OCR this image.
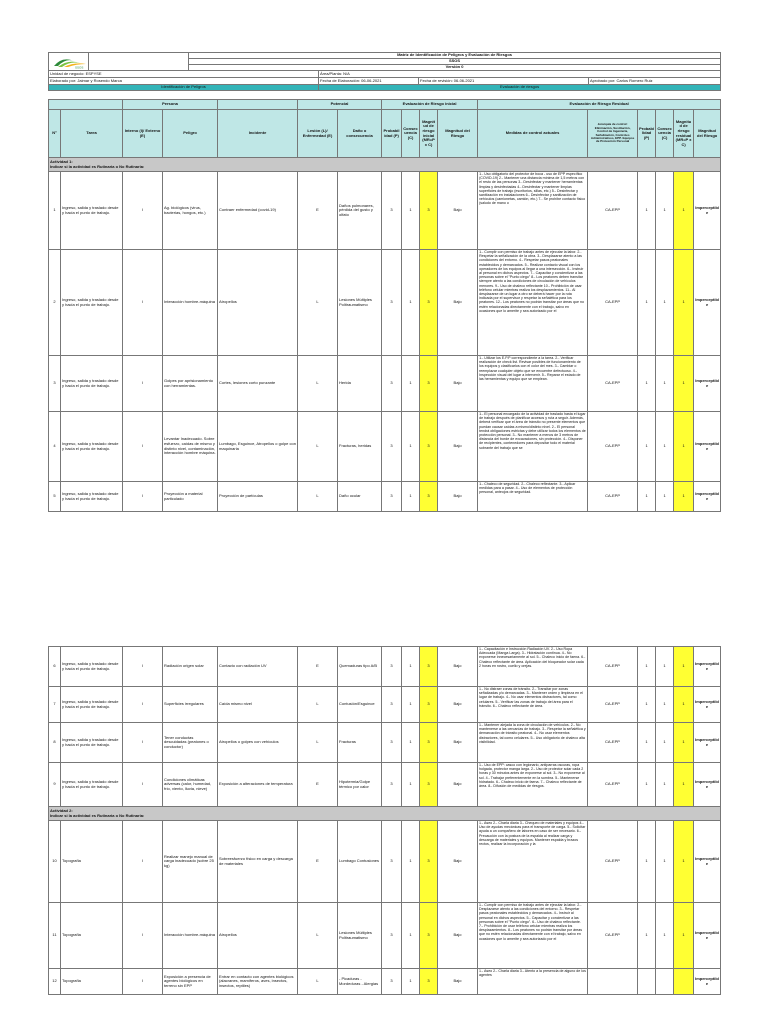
SSOS
		Matriz de Identificación de Peligros y Evaluación de Riesgos			
		SSOS			
		Versión 0			
Unidad de negocio: ESPYSE			Área/Planta: N/A		
Elaborado por: Jaimar y Rosendo Marca			Fecha de Elaboración: 06-06-2021	Fecha de revisión: 06-06-2021	Aprobado por: Carlos Romero Ruiz
Identificación de Peligros			Evaluación de riesgos		
		Persona			Potencial		Evaluación de Riesgo inicial				Evaluación de Riesgo Residual					
N°	Tarea	Interno (I)/ Externo (E)	Peligro	Incidente	Lesión (L)/ Enfermedad (E)	Daño o consecuencia	Probabilidad (P)	Consecuencia (C)	Magnitud de riesgo inicial (MR=P x C)	Magnitud del Riesgo	Medidas de control actuales	Jerarquía de control: Eliminación, Sustitución, Control de Ingeniería, Señalización, Controles Administrativos, EPP. Equipos de Protección Personal	Probabilidad (P)	Consecuencia (C)	Magnitud de riesgo residual (MR=P x C)	Magnitud del Riesgo

Actividad 1:
Indicar si la actividad es Rutinaria o No Rutinaria:																

1	Ingreso, salida y traslado desde y hacia el punto de trabajo.	I	Ag. biológicos (virus, bacterias, hongos, etc.)	Contraer enfermedad (covid-19)	E	Daños pulmonares, pérdida del gusto y olfato	3	1	3	Bajo	1.- Uso obligatorio del protector de boca - uso de EPP específico (COVID-19) 2.- Mantener una distancia mínima de 1,5 metros con el resto de las personas 3.- Desinfectar y mantener herramientas limpias y desinfectadas 4.- Desinfectar y mantener limpias superficies de trabajo (escritorios, sillas, etc.) 5.- Desinfectar y sanitización en instalaciones 6.- Desinfectar y sanitización de vehículos (camionetas, camión, etc.) 7.- Se prohíbe contacto físico (saludo de mano o	CA-EPP	1	1	1	Imperceptible
2	Ingreso, salida y traslado desde y hacia el punto de trabajo.	I	Interacción hombre-máquina	Atropellos	L	Lesiones Múltiples Politraumatismo	3	1	3	Bajo	1.- Cumplir con permiso de trabajo antes de ejecutar la labor. 2.- Respetar la señalización de la obra. 3.- Desplazarse atento a las condiciones del entorno. 4.- Respetar pasos peatonales establecidos y demarcados. 5.- Realizar contacto visual con los operadores de los equipos al llegar a una intersección. 6.- Instruir al personal en dichos aspectos. 7.- Capacitar y concientizar a las personas sobre el "Punto ciego" 8.- Los peatones deben transitar siempre atento a las condiciones de circulación de vehículos menores. 9.- Uso de chaleco reflectante 10.- Prohibición de usar teléfono celular mientras realiza los desplazamientos. 11.- Al desplazarse de un lugar a otro se deberá hacer por la ruta indicada por el supervisor y respetar la señalética para los peatones. 12.- Los peatones no podrán transitar por áreas que no estén relacionadas directamente con el trabajo, salvo en ocasiones que lo amerite y sea autorizado por el	CA-EPP	1	1	1	Imperceptible
3	Ingreso, salida y traslado desde y hacia el punto de trabajo.	I	Golpes por aprisionamiento con herramientas.	Cortes, lesiones corto punzante	L	Herida	3	1	3	Bajo	1.- Utilizar los E.P.P correspondiente a la tarea. 2.- Verificar realización de check list. Revisar posibles de funcionamiento de los equipos y clasificarlos con el color del mes. 3.- Cambiar o reemplazar cualquier objeto que se encuentre defectuoso. 4.- Inspección visual del lugar a intervenir. 5.- Reparar el estado de las herramientas y equipo que se emplean.	CA-EPP	1	1	1	Imperceptible
4	Ingreso, salida y traslado desde y hacia el punto de trabajo.	I	Levantar Inadecuado. Sobre esfuerzo, caídas de mismo y distinto nivel, contaminación, interacción hombre máquina.	Lumbago, Esguince, Atropellos o golpe con maquinaria	L	Fracturas, heridas	3	1	3	Bajo	1.- El personal encargado de la actividad de traslado hasta el lugar de trabajo después de planificar accesos y ruta a seguir. Además, deberá verificar que el área de tránsito no presente elementos que puedan causar caídas a mismo/distinto nivel. 2.- El personal tendrá obligaciones estrictas y debe utilizar todos los elementos de protección personal. 3.- No mantener a menos de 3 metros de distancia del borde de excavaciones, sin protección. 4.- Disponer de recipientes, contenedores para depositar todo el material sobrante del trabajo que se	CA-EPP	1	1	1	Imperceptible
5	Ingreso, salida y traslado desde y hacia el punto de trabajo.	I	Proyección a material particulado	Proyección de partículas	L	Daño ocular	3	1	3	Bajo	1.- Chaleco de seguridad. 2.- Chaleco reflectante. 3.- Aplicar medidas para a pasar. 4.- Uso de elementos de protección personal, anteojos de seguridad.	CA-EPP	1	1	1	Imperceptible
6	Ingreso, salida y traslado desde y hacia el punto de trabajo.	I	Radiación origen solar	Contacto con radiación UV	E	Quemaduras tipo A/B	3	1	3	Bajo	1.- Capacitación e Instrucción Radiación UV. 2.- Uso Ropa Adecuada (Manga Larga). 3.- Hidratación continua. 4.- No exponerse innecesariamente al sol. 5.- Chaleco inicio de faena. 6.- Chaleco reflectante de área. Aplicación del bloqueador solar cada 2 horas en rostro, cuello y orejas.	CA-EPP	1	1	1	Imperceptible
7	Ingreso, salida y traslado desde y hacia el punto de trabajo.	I	Superficies irregulares	Caída mismo nivel	L	Contusión/Esguince	3	1	3	Bajo	1.- No distraer zonas de tránsito. 2.- Transitar por zonas señalizadas y/o demarcadas. 3.- Mantener orden y limpieza en el lugar de trabajo. 4.- No usar elementos distractores, tal como celulares. 5.- Verificar las zonas de trabajo del área para el tránsito. 6.- Chaleco reflectante de área.	CA-EPP	1	1	1	Imperceptible
8	Ingreso, salida y traslado desde y hacia el punto de trabajo.	I	Tener conductas descuidadas (peatones o conductor)	Atropellos o golpes con vehículos	L	Fracturas	3	1	3	Bajo	1.- Mantener alejada la zona de circulación de vehículos. 2.- No mantenerse a las cercanías de trabajo. 3.- Respetar la señalética y demarcación de tránsito peatonal. 4.- No usar elementos distractores, tal como celulares. 5.- Uso obligatorio de chaleco alta visibilidad.	CA-EPP	1	1	1	Imperceptible
9	Ingreso, salida y traslado desde y hacia el punto de trabajo.	I	Condiciones climáticas adversas (calor, humedad, frío, viento, lluvia, nieve)	Exposición a alteraciones de temperatura	E	Hipotermia/Golpe térmico por calor	3	1	3	Bajo	1.- Uso de EPP: casco con legionario, antiparras oscuras, ropa holgada, protector manga larga. 2.- Uso de protector solar cada 2 horas y 30 minutos antes de exponerse al sol. 3.- No exponerse al sol. 4.- Trabajar preferentemente en la sombra. 5.- Mantenerse hidratado. 6.- Chaleco inicio de faena. 7.- Chaleco reflectante de área. 8.- Difusión de medidas de riesgos.	CA-EPP	1	1	1	Imperceptible

Actividad 2:
Indicar si la actividad es Rutinaria o No Rutinaria:																

10	Topografía	I	Realizar manejo manual de carga inadecuado (sobre 25 kg)	Sobreesfuerzo físico en carga y descarga de materiales	E	Lumbago Contusiones	3	1	3	Bajo	1.- Aseo 2.- Charla diaria 3.- Chequeo de materiales y equipos 4.- Uso de ayudas mecánicas para el transporte de carga. 5.- Solicitar ayuda a un compañero de labores en caso de ser necesario. 6.- Precaución con la postura de la espalda al realizar carga y descarga de materiales y equipos. Mantener espalda y brazos rectos, realizar la incorporación y la	CA-EPP	1	1	1	Imperceptible
11	Topografía	I	Interacción hombre-máquina	Atropellos	L	Lesiones Múltiples Politraumatismo	3	1	3	Bajo	1.- Cumplir con permiso de trabajo antes de ejecutar la labor. 2.- Desplazarse atento a las condiciones del entorno. 3.- Respetar pasos peatonales establecidos y demarcados. 4.- Instruir al personal en dichos aspectos. 5.- Capacitar y concientizar a las personas sobre el "Punto ciego". 6.- Uso de chaleco reflectante. 7.- Prohibición de usar teléfono celular mientras realiza los desplazamientos. 8.- Los peatones no podrán transitar por áreas que no estén relacionadas directamente con el trabajo, salvo en ocasiones que lo amerite y sea autorizado por el	CA-EPP	1	1	1	Imperceptible
12	Topografía	I	Exposición a presencia de agentes biológicos en terreno sin EPP	Entrar en contacto con agentes biológicos (alacranes, mamíferos, aves, insectos, insectos, reptiles)	L	- Picaduras - Mordeduras - Alergias	3	1	3	Bajo	1.- Aseo 2.- Charla diaria 3.- Atento a la presencia de alguno de los agentes					Imperceptible
